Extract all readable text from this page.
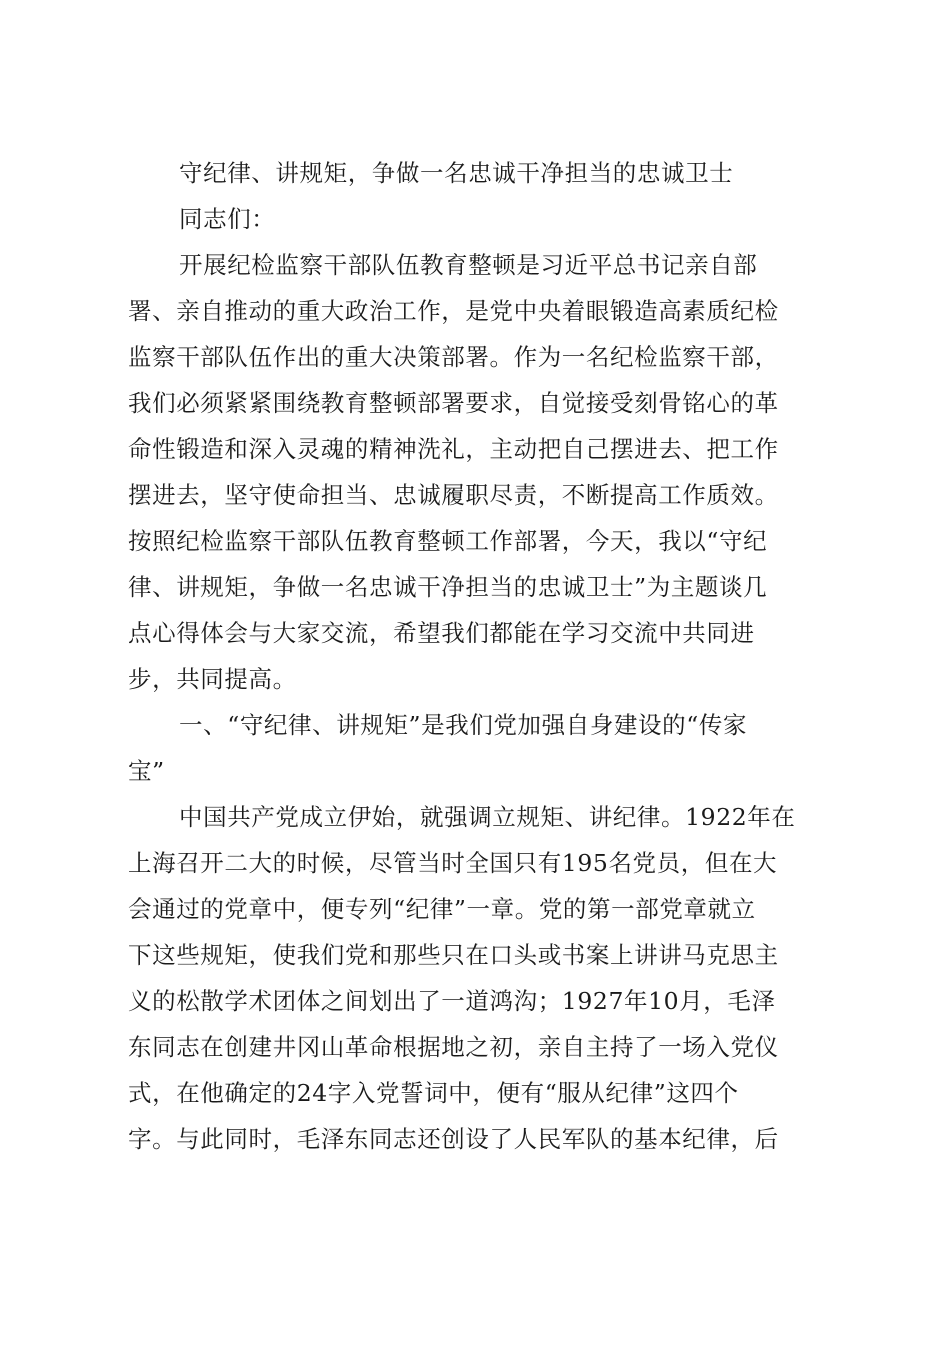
守纪律、讲规矩，争做一名忠诚干净担当的忠诚卫士
同志们：
开展纪检监察干部队伍教育整顿是习近平总书记亲自部
署、亲自推动的重大政治工作，是党中央着眼锻造高素质纪检
监察干部队伍作出的重大决策部署。作为一名纪检监察干部，
我们必须紧紧围绕教育整顿部署要求，自觉接受刻骨铭心的革
命性锻造和深入灵魂的精神洗礼，主动把自己摆进去、把工作
摆进去，坚守使命担当、忠诚履职尽责，不断提高工作质效。
按照纪检监察干部队伍教育整顿工作部署，今天，我以“守纪
律、讲规矩，争做一名忠诚干净担当的忠诚卫士”为主题谈几
点心得体会与大家交流，希望我们都能在学习交流中共同进
步，共同提高。
一、“守纪律、讲规矩”是我们党加强自身建设的“传家
宝”
中国共产党成立伊始，就强调立规矩、讲纪律。1922年在
上海召开二大的时候，尽管当时全国只有195名党员，但在大
会通过的党章中，便专列“纪律”一章。党的第一部党章就立
下这些规矩，使我们党和那些只在口头或书案上讲讲马克思主
义的松散学术团体之间划出了一道鸿沟；1927年10月，毛泽
东同志在创建井冈山革命根据地之初，亲自主持了一场入党仪
式，在他确定的24字入党誓词中，便有“服从纪律”这四个
字。与此同时，毛泽东同志还创设了人民军队的基本纪律，后
